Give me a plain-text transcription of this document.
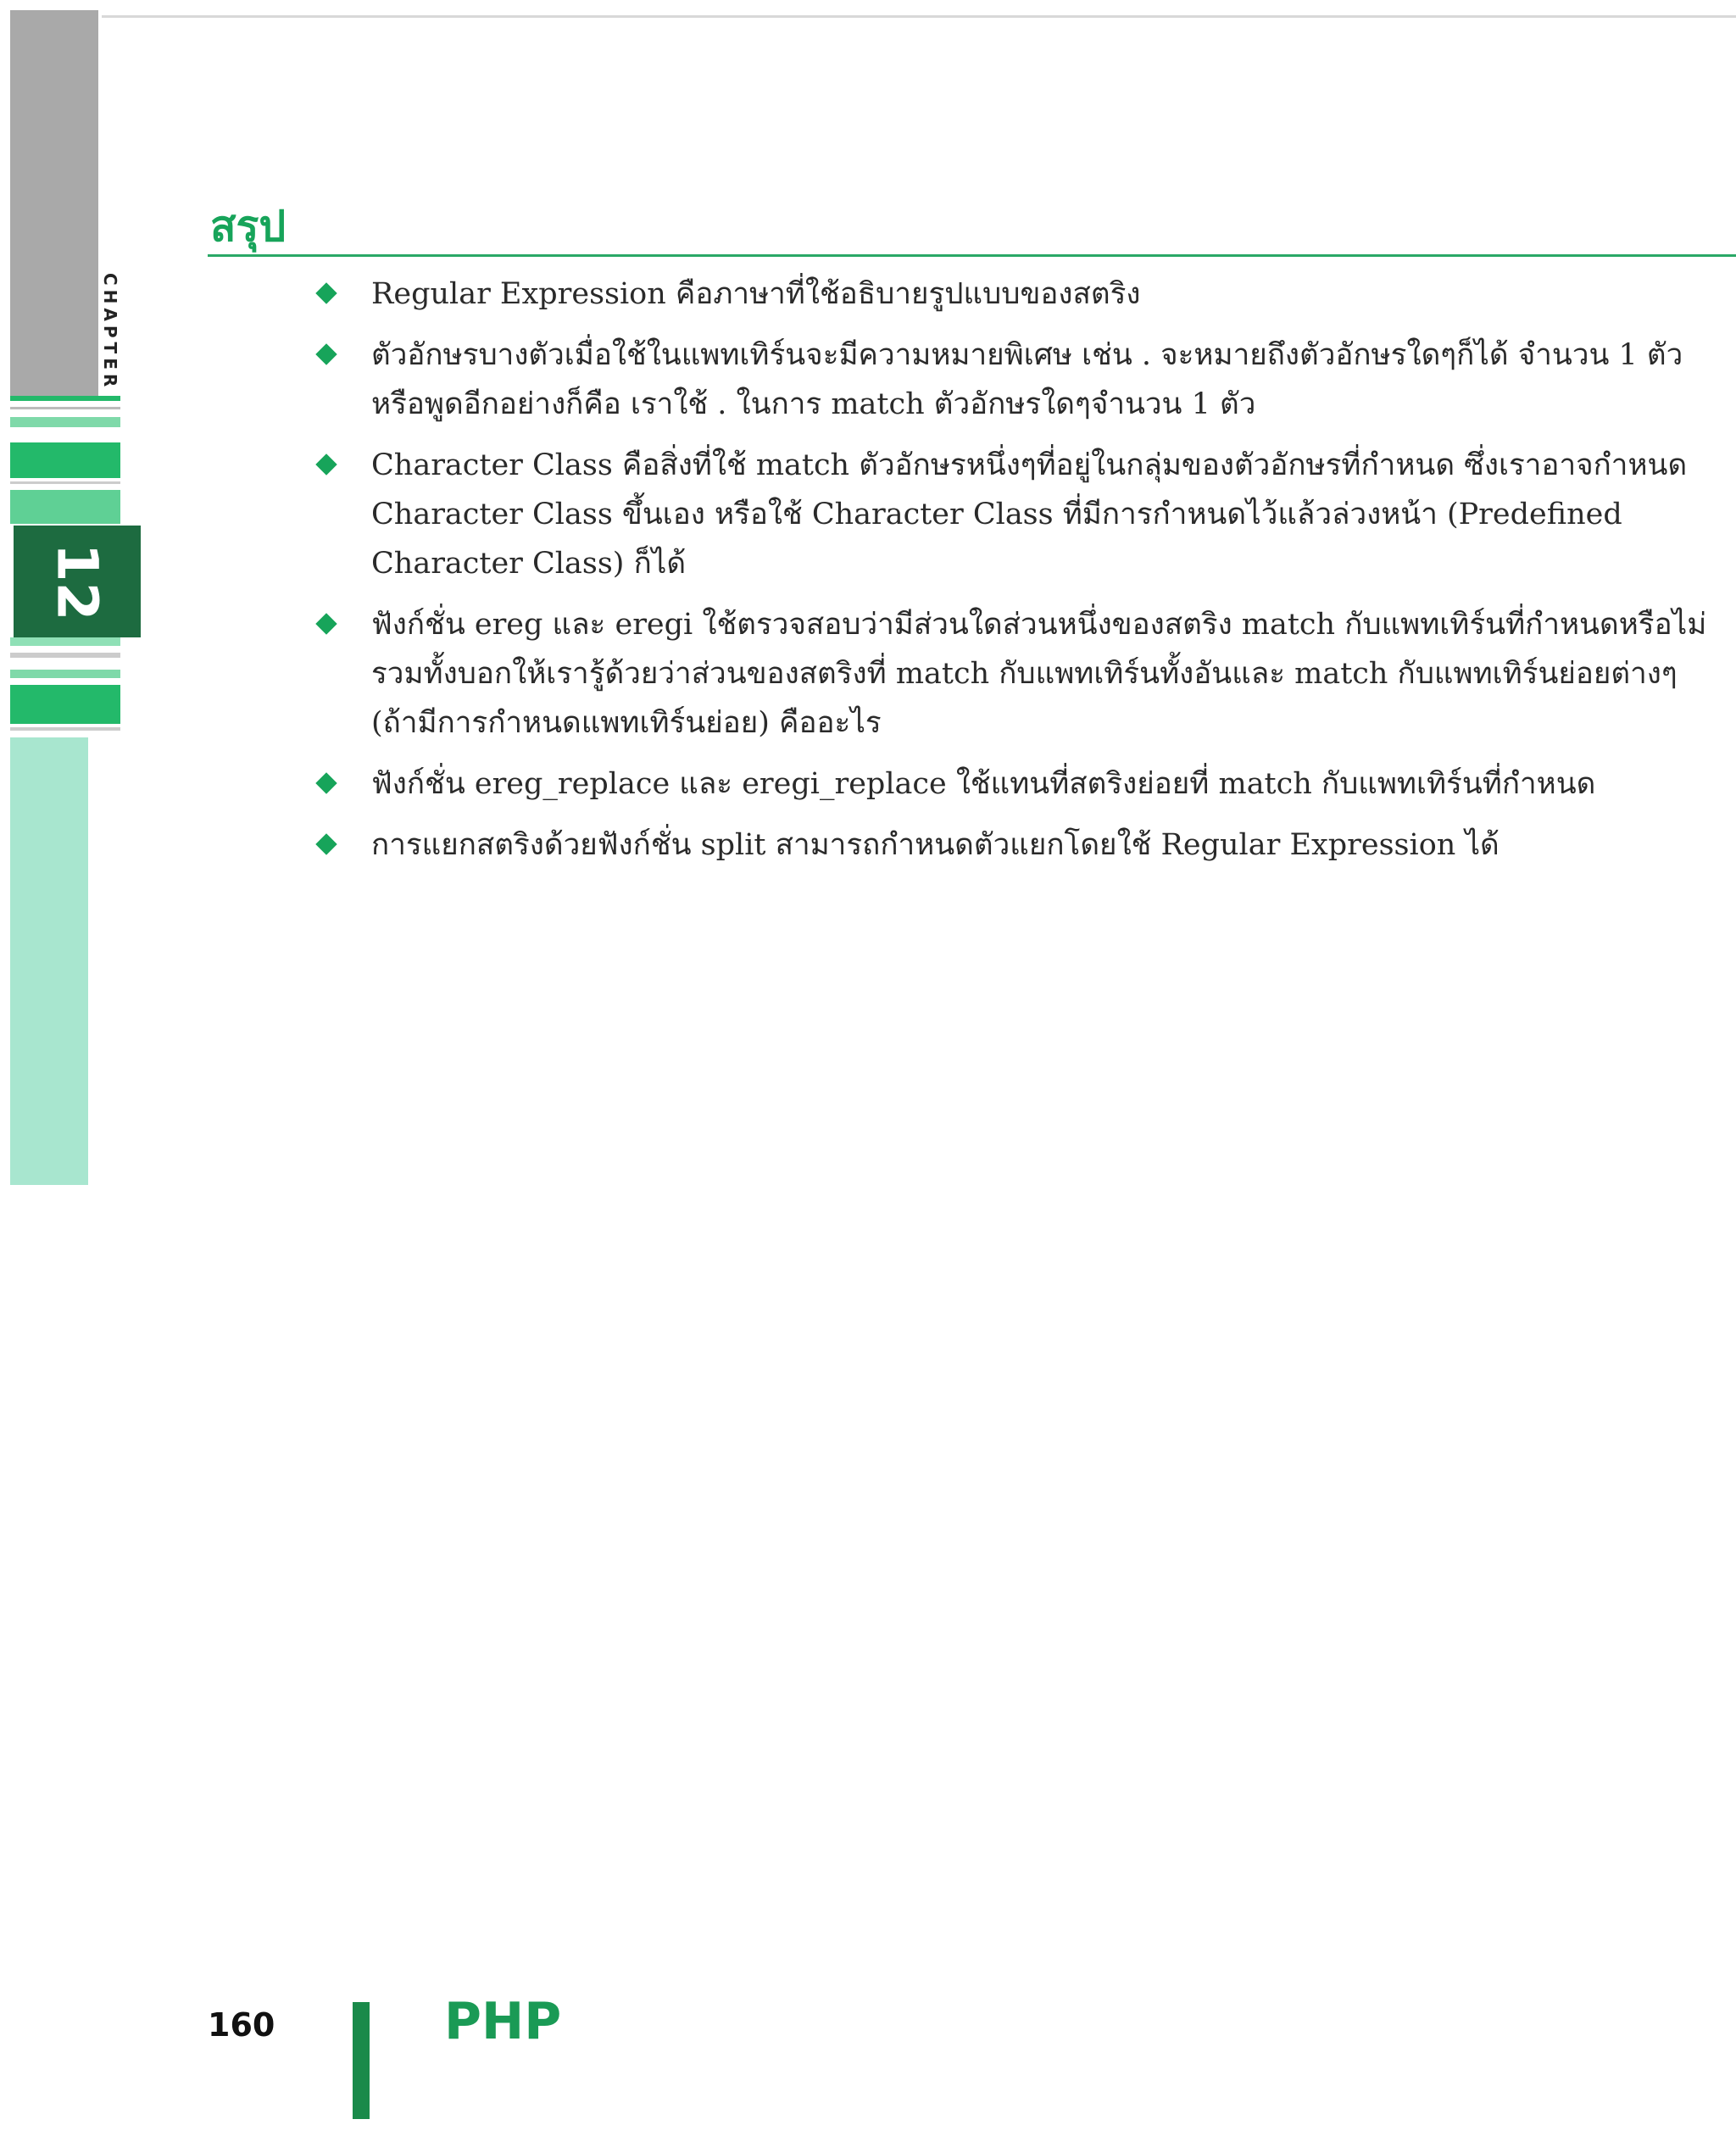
CHAPTER
12
สรุป
Regular Expression คือภาษาที่ใช้อธิบายรูปแบบของสตริง
ตัวอักษรบางตัวเมื่อใช้ในแพทเทิร์นจะมีความหมายพิเศษ เช่น . จะหมายถึงตัวอักษรใดๆก็ได้ จำนวน 1 ตัว หรือพูดอีกอย่างก็คือ เราใช้ . ในการ match ตัวอักษรใดๆจำนวน 1 ตัว
Character Class คือสิ่งที่ใช้ match ตัวอักษรหนึ่งๆที่อยู่ในกลุ่มของตัวอักษรที่กำหนด ซึ่งเราอาจกำหนด Character Class ขึ้นเอง หรือใช้ Character Class ที่มีการกำหนดไว้แล้วล่วงหน้า (Predefined Character Class) ก็ได้
ฟังก์ชั่น ereg และ eregi ใช้ตรวจสอบว่ามีส่วนใดส่วนหนึ่งของสตริง match กับแพทเทิร์นที่กำหนดหรือไม่ รวมทั้งบอกให้เรารู้ด้วยว่าส่วนของสตริงที่ match กับแพทเทิร์นทั้งอันและ match กับแพทเทิร์นย่อยต่างๆ (ถ้ามีการกำหนดแพทเทิร์นย่อย) คืออะไร
ฟังก์ชั่น ereg_replace และ eregi_replace ใช้แทนที่สตริงย่อยที่ match กับแพทเทิร์นที่กำหนด
การแยกสตริงด้วยฟังก์ชั่น split สามารถกำหนดตัวแยกโดยใช้ Regular Expression ได้
160	PHP
